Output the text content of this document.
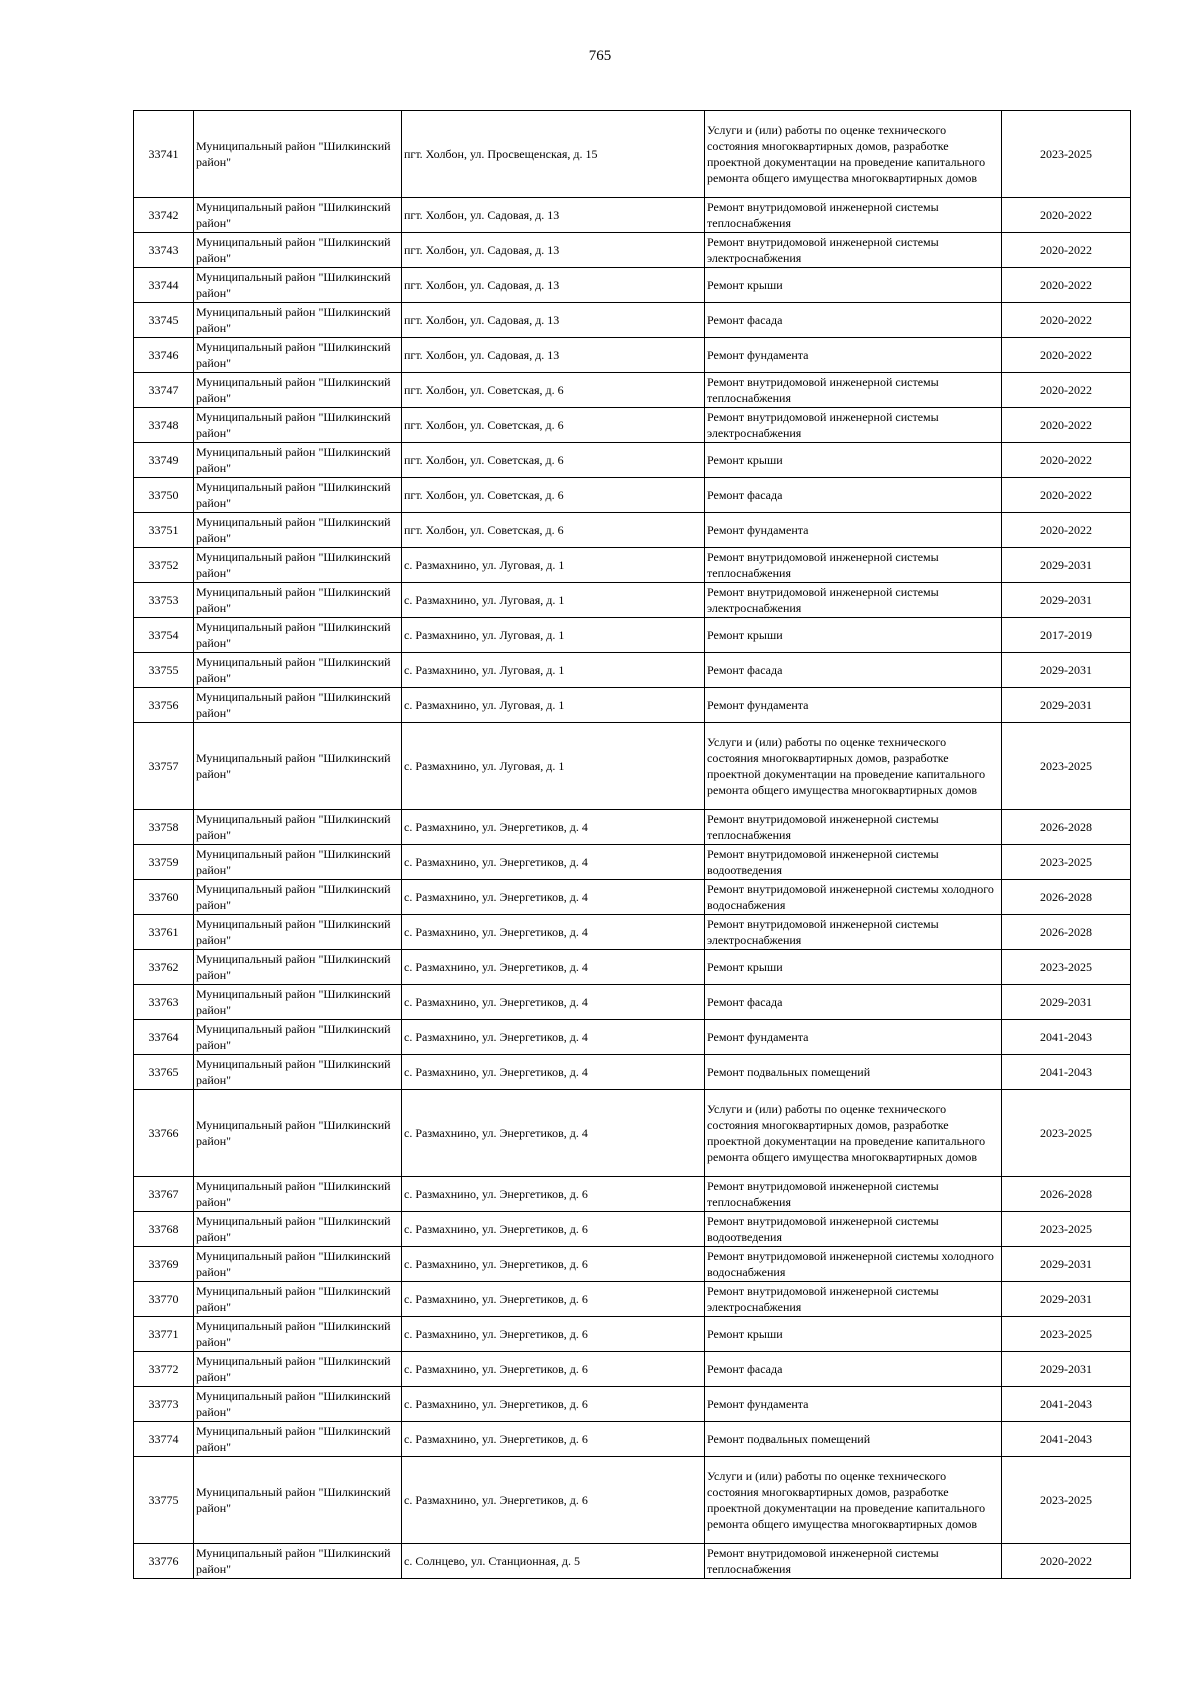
765
33741	Муниципальный район "Шилкинский район"	пгт. Холбон, ул. Просвещенская, д. 15	Услуги и (или) работы по оценке технического состояния многоквартирных домов, разработке проектной документации на проведение капитального ремонта общего имущества многоквартирных домов	2023-2025
33742	Муниципальный район "Шилкинский район"	пгт. Холбон, ул. Садовая, д. 13	Ремонт внутридомовой инженерной системы теплоснабжения	2020-2022
33743	Муниципальный район "Шилкинский район"	пгт. Холбон, ул. Садовая, д. 13	Ремонт внутридомовой инженерной системы электроснабжения	2020-2022
33744	Муниципальный район "Шилкинский район"	пгт. Холбон, ул. Садовая, д. 13	Ремонт крыши	2020-2022
33745	Муниципальный район "Шилкинский район"	пгт. Холбон, ул. Садовая, д. 13	Ремонт фасада	2020-2022
33746	Муниципальный район "Шилкинский район"	пгт. Холбон, ул. Садовая, д. 13	Ремонт фундамента	2020-2022
33747	Муниципальный район "Шилкинский район"	пгт. Холбон, ул. Советская, д. 6	Ремонт внутридомовой инженерной системы теплоснабжения	2020-2022
33748	Муниципальный район "Шилкинский район"	пгт. Холбон, ул. Советская, д. 6	Ремонт внутридомовой инженерной системы электроснабжения	2020-2022
33749	Муниципальный район "Шилкинский район"	пгт. Холбон, ул. Советская, д. 6	Ремонт крыши	2020-2022
33750	Муниципальный район "Шилкинский район"	пгт. Холбон, ул. Советская, д. 6	Ремонт фасада	2020-2022
33751	Муниципальный район "Шилкинский район"	пгт. Холбон, ул. Советская, д. 6	Ремонт фундамента	2020-2022
33752	Муниципальный район "Шилкинский район"	с. Размахнино, ул. Луговая, д. 1	Ремонт внутридомовой инженерной системы теплоснабжения	2029-2031
33753	Муниципальный район "Шилкинский район"	с. Размахнино, ул. Луговая, д. 1	Ремонт внутридомовой инженерной системы электроснабжения	2029-2031
33754	Муниципальный район "Шилкинский район"	с. Размахнино, ул. Луговая, д. 1	Ремонт крыши	2017-2019
33755	Муниципальный район "Шилкинский район"	с. Размахнино, ул. Луговая, д. 1	Ремонт фасада	2029-2031
33756	Муниципальный район "Шилкинский район"	с. Размахнино, ул. Луговая, д. 1	Ремонт фундамента	2029-2031
33757	Муниципальный район "Шилкинский район"	с. Размахнино, ул. Луговая, д. 1	Услуги и (или) работы по оценке технического состояния многоквартирных домов, разработке проектной документации на проведение капитального ремонта общего имущества многоквартирных домов	2023-2025
33758	Муниципальный район "Шилкинский район"	с. Размахнино, ул. Энергетиков, д. 4	Ремонт внутридомовой инженерной системы теплоснабжения	2026-2028
33759	Муниципальный район "Шилкинский район"	с. Размахнино, ул. Энергетиков, д. 4	Ремонт внутридомовой инженерной системы водоотведения	2023-2025
33760	Муниципальный район "Шилкинский район"	с. Размахнино, ул. Энергетиков, д. 4	Ремонт внутридомовой инженерной системы холодного водоснабжения	2026-2028
33761	Муниципальный район "Шилкинский район"	с. Размахнино, ул. Энергетиков, д. 4	Ремонт внутридомовой инженерной системы электроснабжения	2026-2028
33762	Муниципальный район "Шилкинский район"	с. Размахнино, ул. Энергетиков, д. 4	Ремонт крыши	2023-2025
33763	Муниципальный район "Шилкинский район"	с. Размахнино, ул. Энергетиков, д. 4	Ремонт фасада	2029-2031
33764	Муниципальный район "Шилкинский район"	с. Размахнино, ул. Энергетиков, д. 4	Ремонт фундамента	2041-2043
33765	Муниципальный район "Шилкинский район"	с. Размахнино, ул. Энергетиков, д. 4	Ремонт подвальных помещений	2041-2043
33766	Муниципальный район "Шилкинский район"	с. Размахнино, ул. Энергетиков, д. 4	Услуги и (или) работы по оценке технического состояния многоквартирных домов, разработке проектной документации на проведение капитального ремонта общего имущества многоквартирных домов	2023-2025
33767	Муниципальный район "Шилкинский район"	с. Размахнино, ул. Энергетиков, д. 6	Ремонт внутридомовой инженерной системы теплоснабжения	2026-2028
33768	Муниципальный район "Шилкинский район"	с. Размахнино, ул. Энергетиков, д. 6	Ремонт внутридомовой инженерной системы водоотведения	2023-2025
33769	Муниципальный район "Шилкинский район"	с. Размахнино, ул. Энергетиков, д. 6	Ремонт внутридомовой инженерной системы холодного водоснабжения	2029-2031
33770	Муниципальный район "Шилкинский район"	с. Размахнино, ул. Энергетиков, д. 6	Ремонт внутридомовой инженерной системы электроснабжения	2029-2031
33771	Муниципальный район "Шилкинский район"	с. Размахнино, ул. Энергетиков, д. 6	Ремонт крыши	2023-2025
33772	Муниципальный район "Шилкинский район"	с. Размахнино, ул. Энергетиков, д. 6	Ремонт фасада	2029-2031
33773	Муниципальный район "Шилкинский район"	с. Размахнино, ул. Энергетиков, д. 6	Ремонт фундамента	2041-2043
33774	Муниципальный район "Шилкинский район"	с. Размахнино, ул. Энергетиков, д. 6	Ремонт подвальных помещений	2041-2043
33775	Муниципальный район "Шилкинский район"	с. Размахнино, ул. Энергетиков, д. 6	Услуги и (или) работы по оценке технического состояния многоквартирных домов, разработке проектной документации на проведение капитального ремонта общего имущества многоквартирных домов	2023-2025
33776	Муниципальный район "Шилкинский район"	с. Солнцево, ул. Станционная, д. 5	Ремонт внутридомовой инженерной системы теплоснабжения	2020-2022
